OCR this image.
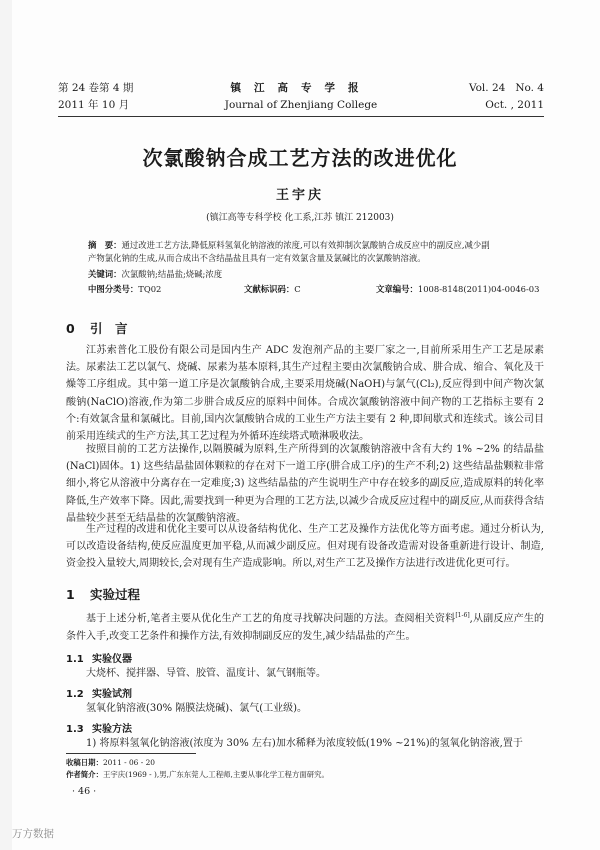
第 24 卷第 4 期
2011 年 10 月
镇江高专学报
Journal of Zhenjiang College
Vol. 24 No. 4
Oct. , 2011
次氯酸钠合成工艺方法的改进优化
王宇庆
(镇江高等专科学校 化工系,江苏 镇江 212003)
摘　要：通过改进工艺方法,降低原料氢氧化钠溶液的浓度,可以有效抑制次氯酸钠合成反应中的副反应,减少副
产物氯化钠的生成,从而合成出不含结晶盐且具有一定有效氯含量及氯碱比的次氯酸钠溶液。
关键词：次氯酸钠;结晶盐;烧碱;浓度
中图分类号：TQ02	文献标识码：C	文章编号：1008-8148(2011)04-0046-03
0 引　言
江苏索普化工股份有限公司是国内生产 ADC 发泡剂产品的主要厂家之一,目前所采用生产工艺是尿素法。尿素法工艺以氯气、烧碱、尿素为基本原料,其生产过程主要由次氯酸钠合成、肼合成、缩合、氧化及干燥等工序组成。其中第一道工序是次氯酸钠合成,主要采用烧碱(NaOH)与氯气(Cl₂),反应得到中间产物次氯酸钠(NaClO)溶液,作为第二步肼合成反应的原料中间体。合成次氯酸钠溶液中间产物的工艺指标主要有 2 个:有效氯含量和氯碱比。目前,国内次氯酸钠合成的工业生产方法主要有 2 种,即间歇式和连续式。该公司目前采用连续式的生产方法,其工艺过程为外循环连续塔式喷淋吸收法。
按照目前的工艺方法操作,以隔膜碱为原料,生产所得到的次氯酸钠溶液中含有大约 1% ~2% 的结晶盐(NaCl)固体。1) 这些结晶盐固体颗粒的存在对下一道工序(肼合成工序)的生产不利;2) 这些结晶盐颗粒非常细小,将它从溶液中分离存在一定难度;3) 这些结晶盐的产生说明生产中存在较多的副反应,造成原料的转化率降低,生产效率下降。因此,需要找到一种更为合理的工艺方法,以减少合成反应过程中的副反应,从而获得含结晶盐较少甚至无结晶盐的次氯酸钠溶液。
生产过程的改进和优化主要可以从设备结构优化、生产工艺及操作方法优化等方面考虑。通过分析认为,可以改造设备结构,使反应温度更加平稳,从而减少副反应。但对现有设备改造需对设备重新进行设计、制造,资金投入量较大,周期较长,会对现有生产造成影响。所以,对生产工艺及操作方法进行改进优化更可行。
1 实验过程
基于上述分析,笔者主要从优化生产工艺的角度寻找解决问题的方法。查阅相关资料[1-6],从副反应产生的条件入手,改变工艺条件和操作方法,有效抑制副反应的发生,减少结晶盐的产生。
1.1 实验仪器
大烧杯、搅拌器、导管、胶管、温度计、氯气钢瓶等。
1.2 实验试剂
氢氧化钠溶液(30% 隔膜法烧碱)、氯气(工业级)。
1.3 实验方法
1) 将原料氢氧化钠溶液(浓度为 30% 左右)加水稀释为浓度较低(19% ~21%)的氢氧化钠溶液,置于
收稿日期：2011 - 06 - 20
作者简介：王宇庆(1969 - ),男,广东东莞人,工程师,主要从事化学工程方面研究。
· 46 ·
万方数据
